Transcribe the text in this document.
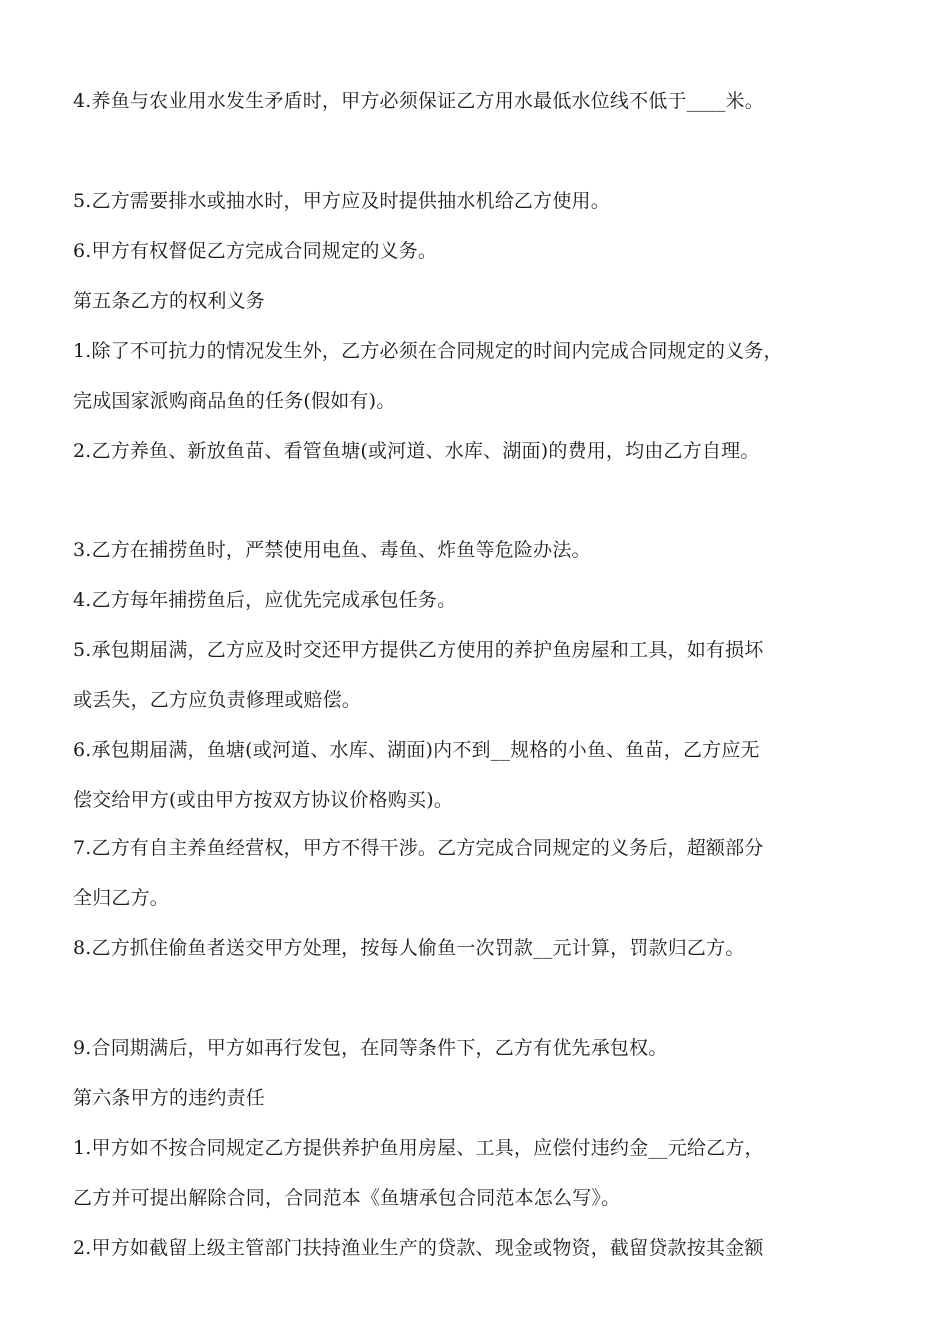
4.养鱼与农业用水发生矛盾时，甲方必须保证乙方用水最低水位线不低于____米。
5.乙方需要排水或抽水时，甲方应及时提供抽水机给乙方使用。
6.甲方有权督促乙方完成合同规定的义务。
第五条乙方的权利义务
1.除了不可抗力的情况发生外，乙方必须在合同规定的时间内完成合同规定的义务，
完成国家派购商品鱼的任务(假如有)。
2.乙方养鱼、新放鱼苗、看管鱼塘(或河道、水库、湖面)的费用，均由乙方自理。
3.乙方在捕捞鱼时，严禁使用电鱼、毒鱼、炸鱼等危险办法。
4.乙方每年捕捞鱼后，应优先完成承包任务。
5.承包期届满，乙方应及时交还甲方提供乙方使用的养护鱼房屋和工具，如有损坏
或丢失，乙方应负责修理或赔偿。
6.承包期届满，鱼塘(或河道、水库、湖面)内不到__规格的小鱼、鱼苗，乙方应无
偿交给甲方(或由甲方按双方协议价格购买)。
7.乙方有自主养鱼经营权，甲方不得干涉。乙方完成合同规定的义务后，超额部分
全归乙方。
8.乙方抓住偷鱼者送交甲方处理，按每人偷鱼一次罚款__元计算，罚款归乙方。
9.合同期满后，甲方如再行发包，在同等条件下，乙方有优先承包权。
第六条甲方的违约责任
1.甲方如不按合同规定乙方提供养护鱼用房屋、工具，应偿付违约金__元给乙方，
乙方并可提出解除合同，合同范本《鱼塘承包合同范本怎么写》。
2.甲方如截留上级主管部门扶持渔业生产的贷款、现金或物资，截留贷款按其金额
